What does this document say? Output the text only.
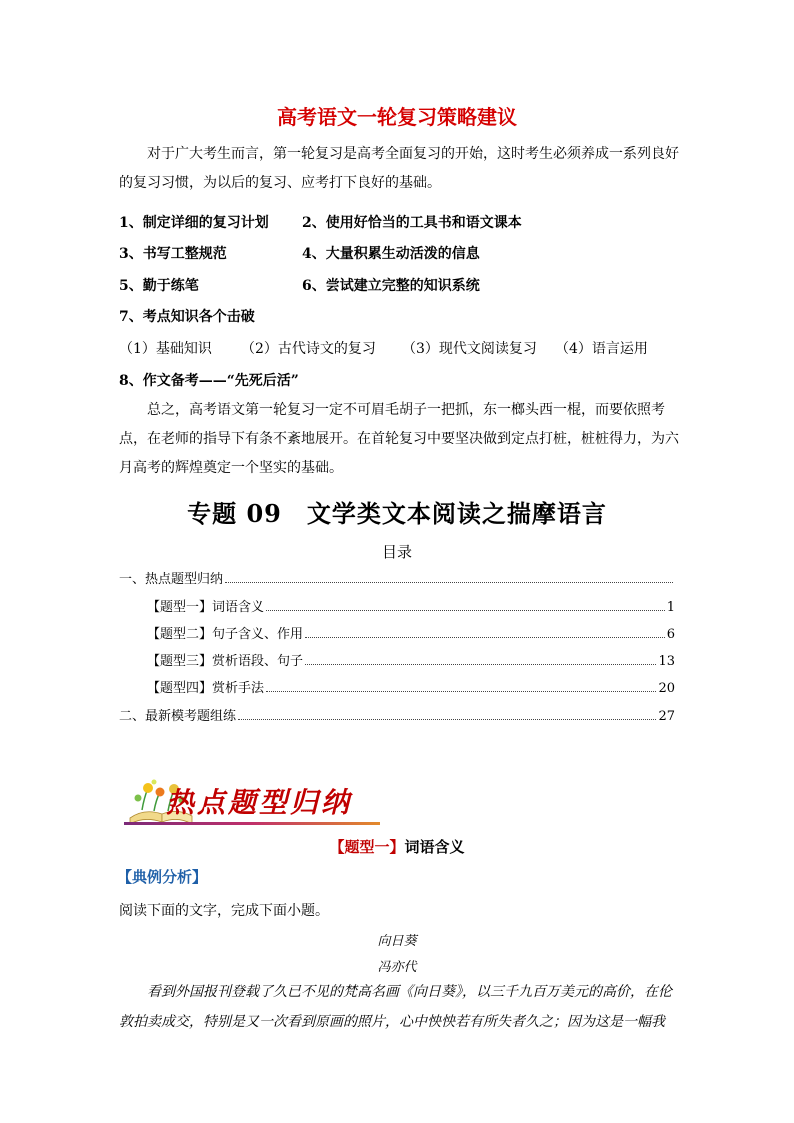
高考语文一轮复习策略建议
对于广大考生而言，第一轮复习是高考全面复习的开始，这时考生必须养成一系列良好的复习习惯，为以后的复习、应考打下良好的基础。
1、制定详细的复习计划 2、使用好恰当的工具书和语文课本
3、书写工整规范	4、大量积累生动活泼的信息
5、勤于练笔	6、尝试建立完整的知识系统
7、考点知识各个击破
（1）基础知识 （2）古代诗文的复习 （3）现代文阅读复习 （4）语言运用
8、作文备考——“先死后活”
总之，高考语文第一轮复习一定不可眉毛胡子一把抓，东一榔头西一棍，而要依照考点，在老师的指导下有条不紊地展开。在首轮复习中要坚决做到定点打桩，桩桩得力，为六月高考的辉煌奠定一个坚实的基础。
专题 09　文学类文本阅读之揣摩语言
目录
一、热点题型归纳
【题型一】词语含义	1
【题型二】句子含义、作用	6
【题型三】赏析语段、句子	13
【题型四】赏析手法	20
二、最新模考题组练	27
热点题型归纳
【题型一】词语含义
【典例分析】
阅读下面的文字，完成下面小题。
向日葵
冯亦代
看到外国报刊登载了久已不见的梵高名画《向日葵》，以三千九百万美元的高价，在伦敦拍卖成交，特别是又一次看到原画的照片，心中怏怏若有所失者久之；因为这是一幅我
